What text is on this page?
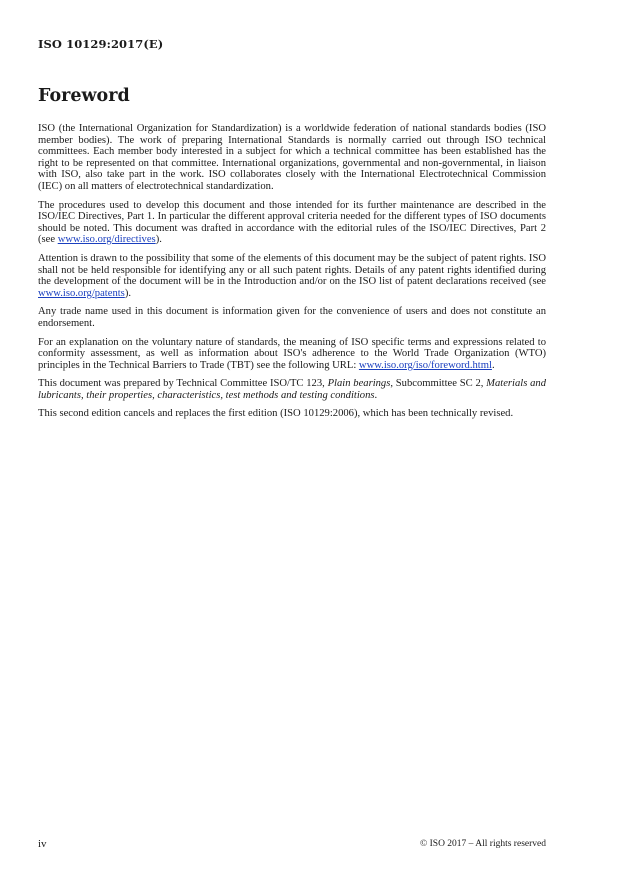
ISO 10129:2017(E)
Foreword

ISO (the International Organization for Standardization) is a worldwide federation of national standards bodies (ISO member bodies). The work of preparing International Standards is normally carried out through ISO technical committees. Each member body interested in a subject for which a technical committee has been established has the right to be represented on that committee. International organizations, governmental and non-governmental, in liaison with ISO, also take part in the work. ISO collaborates closely with the International Electrotechnical Commission (IEC) on all matters of electrotechnical standardization.

The procedures used to develop this document and those intended for its further maintenance are described in the ISO/IEC Directives, Part 1. In particular the different approval criteria needed for the different types of ISO documents should be noted. This document was drafted in accordance with the editorial rules of the ISO/IEC Directives, Part 2 (see www.iso.org/directives).

Attention is drawn to the possibility that some of the elements of this document may be the subject of patent rights. ISO shall not be held responsible for identifying any or all such patent rights. Details of any patent rights identified during the development of the document will be in the Introduction and/or on the ISO list of patent declarations received (see www.iso.org/patents).

Any trade name used in this document is information given for the convenience of users and does not constitute an endorsement.

For an explanation on the voluntary nature of standards, the meaning of ISO specific terms and expressions related to conformity assessment, as well as information about ISO's adherence to the World Trade Organization (WTO) principles in the Technical Barriers to Trade (TBT) see the following URL: www.iso.org/iso/foreword.html.

This document was prepared by Technical Committee ISO/TC 123, Plain bearings, Subcommittee SC 2, Materials and lubricants, their properties, characteristics, test methods and testing conditions.

This second edition cancels and replaces the first edition (ISO 10129:2006), which has been technically revised.

iv	© ISO 2017 – All rights reserved
